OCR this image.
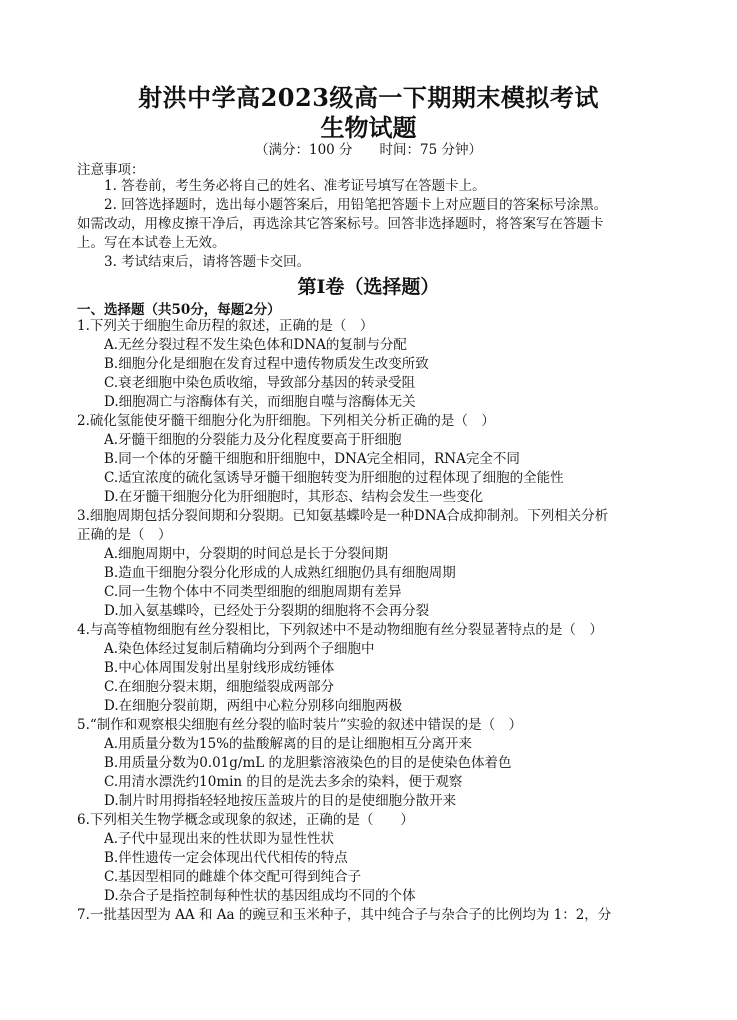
射洪中学高2023级高一下期期末模拟考试
生物试题
（满分：100 分　　时间：75 分钟）
注意事项：
1. 答卷前，考生务必将自己的姓名、准考证号填写在答题卡上。
2. 回答选择题时，选出每小题答案后，用铅笔把答题卡上对应题目的答案标号涂黑。
如需改动，用橡皮擦干净后，再选涂其它答案标号。回答非选择题时，将答案写在答题卡
上。写在本试卷上无效。
3. 考试结束后，请将答题卡交回。
第Ⅰ卷（选择题）
一、选择题（共50分，每题2分）
1.下列关于细胞生命历程的叙述，正确的是（　）
A.无丝分裂过程不发生染色体和DNA的复制与分配
B.细胞分化是细胞在发育过程中遗传物质发生改变所致
C.衰老细胞中染色质收缩，导致部分基因的转录受阻
D.细胞凋亡与溶酶体有关，而细胞自噬与溶酶体无关
2.硫化氢能使牙髓干细胞分化为肝细胞。下列相关分析正确的是（　）
A.牙髓干细胞的分裂能力及分化程度要高于肝细胞
B.同一个体的牙髓干细胞和肝细胞中，DNA完全相同，RNA完全不同
C.适宜浓度的硫化氢诱导牙髓干细胞转变为肝细胞的过程体现了细胞的全能性
D.在牙髓干细胞分化为肝细胞时，其形态、结构会发生一些变化
3.细胞周期包括分裂间期和分裂期。已知氨基蝶呤是一种DNA合成抑制剂。下列相关分析
正确的是（　）
A.细胞周期中，分裂期的时间总是长于分裂间期
B.造血干细胞分裂分化形成的人成熟红细胞仍具有细胞周期
C.同一生物个体中不同类型细胞的细胞周期有差异
D.加入氨基蝶呤，已经处于分裂期的细胞将不会再分裂
4.与高等植物细胞有丝分裂相比，下列叙述中不是动物细胞有丝分裂显著特点的是（　）
A.染色体经过复制后精确均分到两个子细胞中
B.中心体周围发射出星射线形成纺锤体
C.在细胞分裂末期，细胞缢裂成两部分
D.在细胞分裂前期，两组中心粒分别移向细胞两极
5.“制作和观察根尖细胞有丝分裂的临时装片”实验的叙述中错误的是（　）
A.用质量分数为15%的盐酸解离的目的是让细胞相互分离开来
B.用质量分数为0.01g/mL 的龙胆紫溶液染色的目的是使染色体着色
C.用清水漂洗约10min 的目的是洗去多余的染料，便于观察
D.制片时用拇指轻轻地按压盖玻片的目的是使细胞分散开来
6.下列相关生物学概念或现象的叙述，正确的是（　　）
A.子代中显现出来的性状即为显性性状
B.伴性遗传一定会体现出代代相传的特点
C.基因型相同的雌雄个体交配可得到纯合子
D.杂合子是指控制每种性状的基因组成均不同的个体
7.一批基因型为 AA 和 Aa 的豌豆和玉米种子，其中纯合子与杂合子的比例均为 1：2，分
